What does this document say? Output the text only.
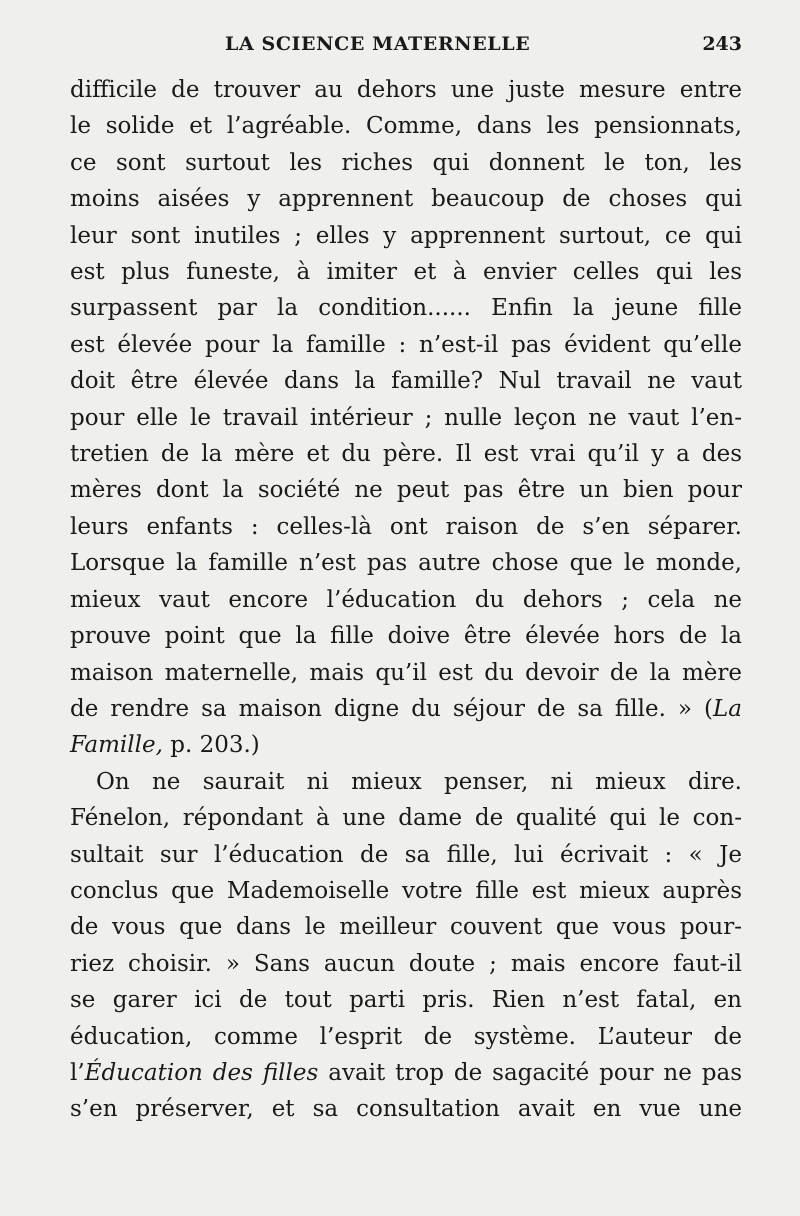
LA SCIENCE MATERNELLE	243
difficile de trouver au dehors une juste mesure entre
le solide et l’agréable. Comme, dans les pensionnats,
ce sont surtout les riches qui donnent le ton, les
moins aisées y apprennent beaucoup de choses qui
leur sont inutiles ; elles y apprennent surtout, ce qui
est plus funeste, à imiter et à envier celles qui les
surpassent par la condition...... Enfin la jeune fille
est élevée pour la famille : n’est-il pas évident qu’elle
doit être élevée dans la famille? Nul travail ne vaut
pour elle le travail intérieur ; nulle leçon ne vaut l’en-
tretien de la mère et du père. Il est vrai qu’il y a des
mères dont la société ne peut pas être un bien pour
leurs enfants : celles-là ont raison de s’en séparer.
Lorsque la famille n’est pas autre chose que le monde,
mieux vaut encore l’éducation du dehors ; cela ne
prouve point que la fille doive être élevée hors de la
maison maternelle, mais qu’il est du devoir de la mère
de rendre sa maison digne du séjour de sa fille. » (La
Famille, p. 203.)
On ne saurait ni mieux penser, ni mieux dire.
Fénelon, répondant à une dame de qualité qui le con-
sultait sur l’éducation de sa fille, lui écrivait : « Je
conclus que Mademoiselle votre fille est mieux auprès
de vous que dans le meilleur couvent que vous pour-
riez choisir. » Sans aucun doute ; mais encore faut-il
se garer ici de tout parti pris. Rien n’est fatal, en
éducation, comme l’esprit de système. L’auteur de
l’Éducation des filles avait trop de sagacité pour ne pas
s’en préserver, et sa consultation avait en vue une
